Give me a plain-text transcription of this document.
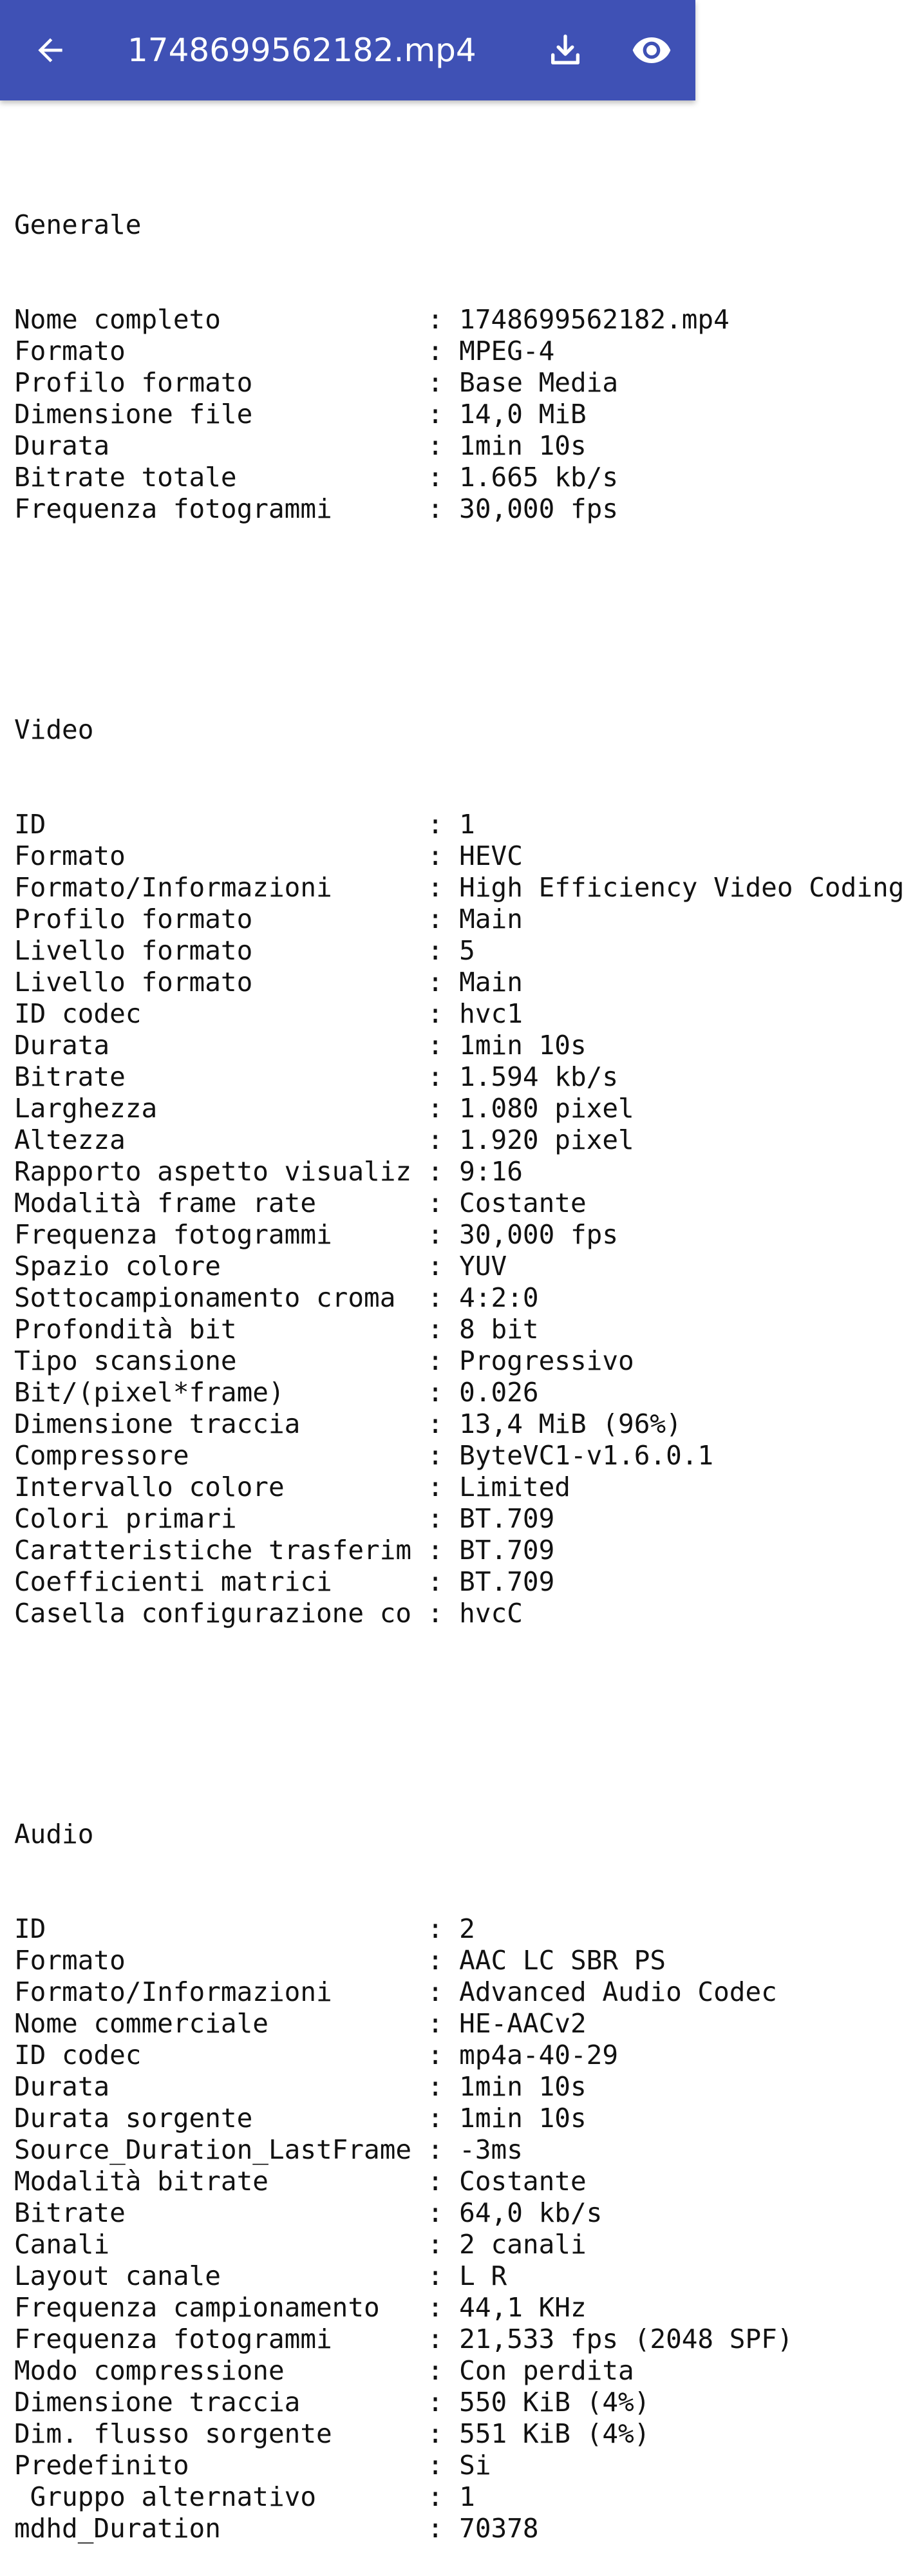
1748699562182.mp4

Generale

Nome completo             : 1748699562182.mp4
Formato                   : MPEG-4
Profilo formato           : Base Media
Dimensione file           : 14,0 MiB
Durata                    : 1min 10s
Bitrate totale            : 1.665 kb/s
Frequenza fotogrammi      : 30,000 fps

Video

ID                        : 1
Formato                   : HEVC
Formato/Informazioni      : High Efficiency Video Coding
Profilo formato           : Main
Livello formato           : 5
Livello formato           : Main
ID codec                  : hvc1
Durata                    : 1min 10s
Bitrate                   : 1.594 kb/s
Larghezza                 : 1.080 pixel
Altezza                   : 1.920 pixel
Rapporto aspetto visualiz : 9:16
Modalità frame rate       : Costante
Frequenza fotogrammi      : 30,000 fps
Spazio colore             : YUV
Sottocampionamento croma  : 4:2:0
Profondità bit            : 8 bit
Tipo scansione            : Progressivo
Bit/(pixel*frame)         : 0.026
Dimensione traccia        : 13,4 MiB (96%)
Compressore               : ByteVC1-v1.6.0.1
Intervallo colore         : Limited
Colori primari            : BT.709
Caratteristiche trasferim : BT.709
Coefficienti matrici      : BT.709
Casella configurazione co : hvcC

Audio

ID                        : 2
Formato                   : AAC LC SBR PS
Formato/Informazioni      : Advanced Audio Codec
Nome commerciale          : HE-AACv2
ID codec                  : mp4a-40-29
Durata                    : 1min 10s
Durata sorgente           : 1min 10s
Source_Duration_LastFrame : -3ms
Modalità bitrate          : Costante
Bitrate                   : 64,0 kb/s
Canali                    : 2 canali
Layout canale             : L R
Frequenza campionamento   : 44,1 KHz
Frequenza fotogrammi      : 21,533 fps (2048 SPF)
Modo compressione         : Con perdita
Dimensione traccia        : 550 KiB (4%)
Dim. flusso sorgente      : 551 KiB (4%)
Predefinito               : Si
Gruppo alternativo       : 1
mdhd_Duration             : 70378
